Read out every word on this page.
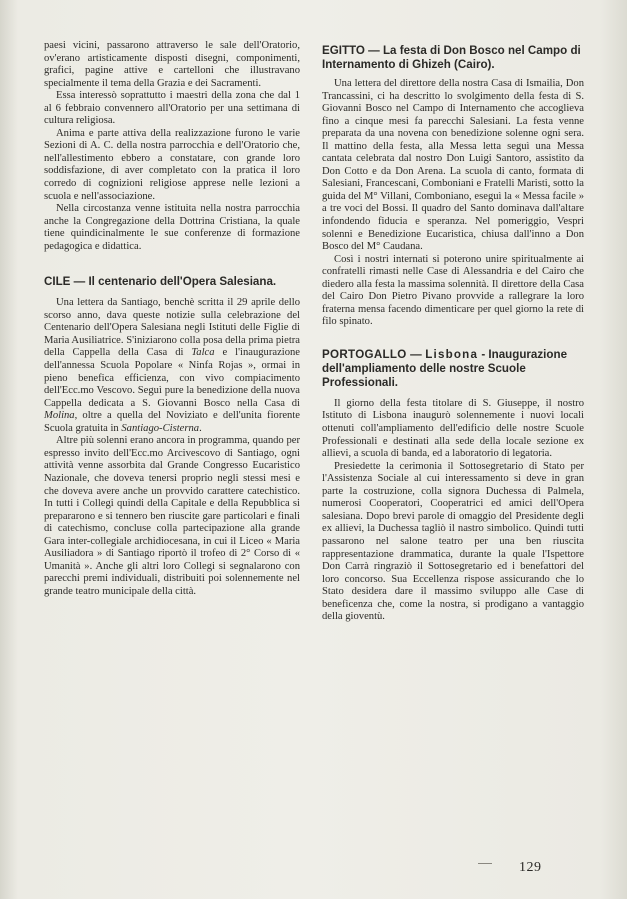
paesi vicini, passarono attraverso le sale dell'Oratorio, ov'erano artisticamente disposti disegni, componimenti, grafici, pagine attive e cartelloni che illustravano specialmente il tema della Grazia e dei Sacramenti.

Essa interessò soprattutto i maestri della zona che dal 1 al 6 febbraio convennero all'Oratorio per una settimana di cultura religiosa.

Anima e parte attiva della realizzazione furono le varie Sezioni di A. C. della nostra parrocchia e dell'Oratorio che, nell'allestimento ebbero a constatare, con grande loro soddisfazione, di aver completato con la pratica il loro corredo di cognizioni religiose apprese nelle lezioni a scuola e nell'associazione.

Nella circostanza venne istituita nella nostra parrocchia anche la Congregazione della Dottrina Cristiana, la quale tiene quindicinalmente le sue conferenze di formazione pedagogica e didattica.

CILE — Il centenario dell'Opera Salesiana.

Una lettera da Santiago, benchè scritta il 29 aprile dello scorso anno, dava queste notizie sulla celebrazione del Centenario dell'Opera Salesiana negli Istituti delle Figlie di Maria Ausiliatrice. S'iniziarono colla posa della prima pietra della Cappella della Casa di Talca e l'inaugurazione dell'annessa Scuola Popolare « Ninfa Rojas », ormai in pieno benefica efficienza, con vivo compiacimento dell'Ecc.mo Vescovo. Seguì pure la benedizione della nuova Cappella dedicata a S. Giovanni Bosco nella Casa di Molina, oltre a quella del Noviziato e dell'unita fiorente Scuola gratuita in Santiago-Cisterna.

Altre più solenni erano ancora in programma, quando per espresso invito dell'Ecc.mo Arcivescovo di Santiago, ogni attività venne assorbita dal Grande Congresso Eucaristico Nazionale, che doveva tenersi proprio negli stessi mesi e che doveva avere anche un provvido carattere catechistico. In tutti i Collegi quindi della Capitale e della Repubblica si prepararono e si tennero ben riuscite gare particolari e finali di catechismo, concluse colla partecipazione alla grande Gara inter-collegiale archidiocesana, in cui il Liceo « Maria Ausiliadora » di Santiago riportò il trofeo di 2° Corso di « Umanità ». Anche gli altri loro Collegi si segnalarono con parecchi premi individuali, distribuiti poi solennemente nel grande teatro municipale della città.

EGITTO — La festa di Don Bosco nel Campo di Internamento di Ghizeh (Cairo).

Una lettera del direttore della nostra Casa di Ismailia, Don Trancassini, ci ha descritto lo svolgimento della festa di S. Giovanni Bosco nel Campo di Internamento che accoglieva fino a cinque mesi fa parecchi Salesiani. La festa venne preparata da una novena con benedizione solenne ogni sera. Il mattino della festa, alla Messa letta seguì una Messa cantata celebrata dal nostro Don Luigi Santoro, assistito da Don Cotto e da Don Arena. La scuola di canto, formata di Salesiani, Francescani, Comboniani e Fratelli Maristi, sotto la guida del M° Villani, Comboniano, eseguì la « Messa facile » a tre voci del Bossi. Il quadro del Santo dominava dall'altare infondendo fiducia e speranza. Nel pomeriggio, Vespri solenni e Benedizione Eucaristica, chiusa dall'inno a Don Bosco del M° Caudana.

Così i nostri internati si poterono unire spiritualmente ai confratelli rimasti nelle Case di Alessandria e del Cairo che diedero alla festa la massima solennità. Il direttore della Casa del Cairo Don Pietro Pivano provvide a rallegrare la loro fraterna mensa facendo dimenticare per quel giorno la rete di filo spinato.

PORTOGALLO — Lisbona - Inaugurazione dell'ampliamento delle nostre Scuole Professionali.

Il giorno della festa titolare di S. Giuseppe, il nostro Istituto di Lisbona inaugurò solennemente i nuovi locali ottenuti coll'ampliamento dell'edificio delle nostre Scuole Professionali e destinati alla sede della locale sezione ex allievi, a scuola di banda, ed a laboratorio di legatoria.

Presiedette la cerimonia il Sottosegretario di Stato per l'Assistenza Sociale al cui interessamento si deve in gran parte la costruzione, colla signora Duchessa di Palmela, numerosi Cooperatori, Cooperatrici ed amici dell'Opera salesiana. Dopo brevi parole di omaggio del Presidente degli ex allievi, la Duchessa tagliò il nastro simbolico. Quindi tutti passarono nel salone teatro per una ben riuscita rappresentazione drammatica, durante la quale l'Ispettore Don Carrà ringraziò il Sottosegretario ed i benefattori del loro concorso. Sua Eccellenza rispose assicurando che lo Stato desidera dare il massimo sviluppo alle Case di beneficenza che, come la nostra, si prodigano a vantaggio della gioventù.

129
